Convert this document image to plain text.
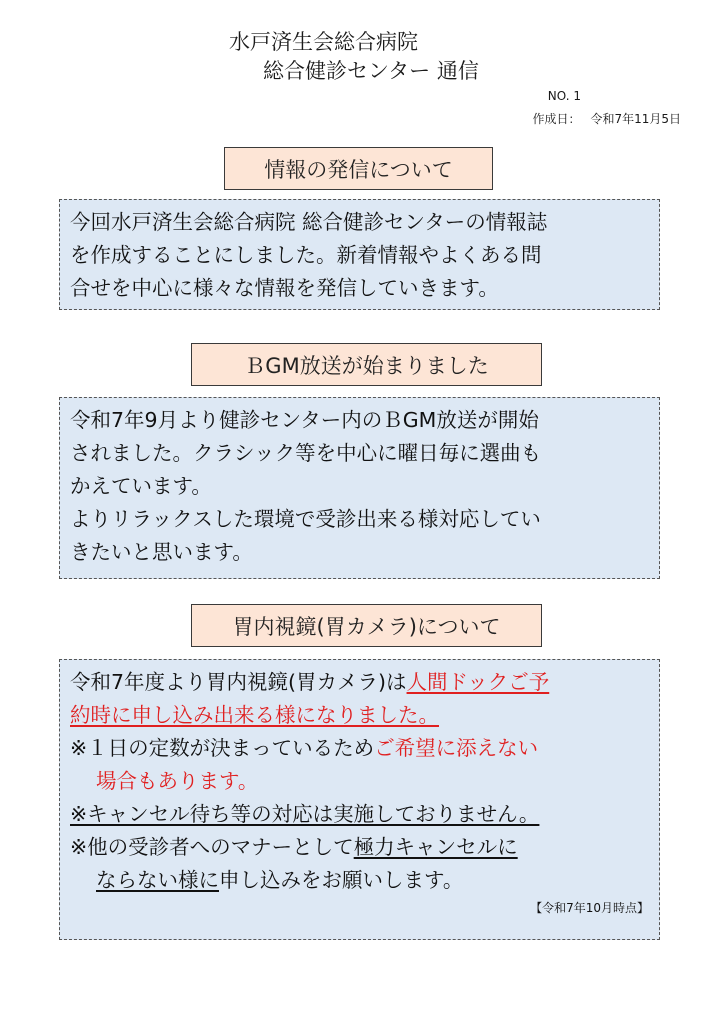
水戸済生会総合病院
総合健診センター 通信
NO. 1
作成日： 令和7年11月5日
情報の発信について

今回水戸済生会総合病院 総合健診センターの情報誌

を作成することにしました。新着情報やよくある問

合せを中心に様々な情報を発信していきます。

ＢGM放送が始まりました

令和7年9月より健診センター内のＢGM放送が開始

されました。クラシック等を中心に曜日毎に選曲も

かえています。

よりリラックスした環境で受診出来る様対応してい

きたいと思います。

胃内視鏡(胃カメラ)について

令和7年度より胃内視鏡(胃カメラ)は人間ドックご予

約時に申し込み出来る様になりました。

※１日の定数が決まっているためご希望に添えない

場合もあります。

※キャンセル待ち等の対応は実施しておりません。

※他の受診者へのマナーとして極力キャンセルに

ならない様に申し込みをお願いします。

【令和7年10月時点】
